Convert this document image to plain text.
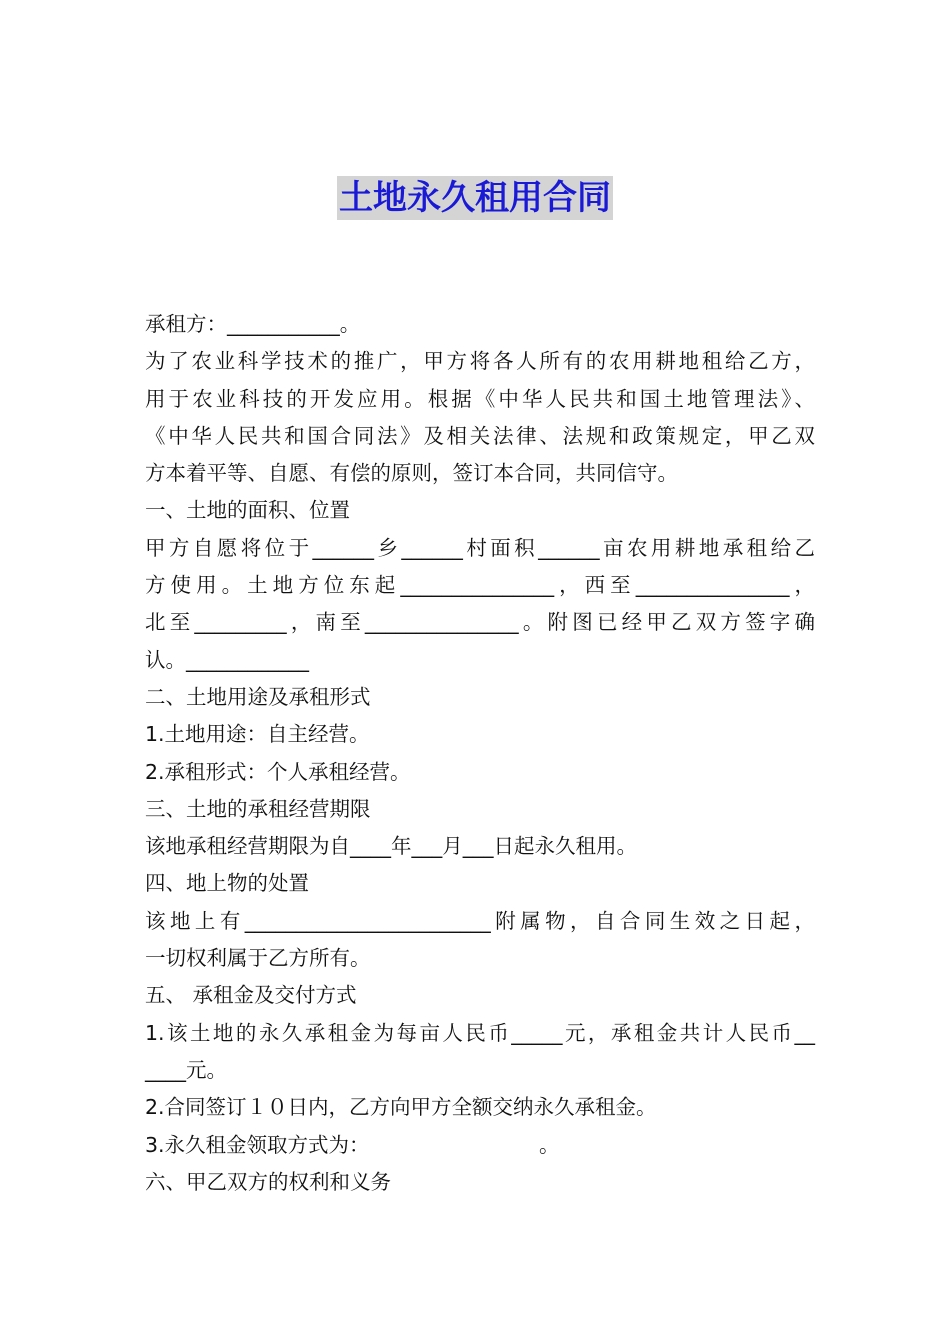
土地永久租用合同
承租方：___________。
为了农业科学技术的推广，甲方将各人所有的农用耕地租给乙方，
用于农业科技的开发应用。根据《中华人民共和国土地管理法》、
《中华人民共和国合同法》及相关法律、法规和政策规定，甲乙双
方本着平等、自愿、有偿的原则，签订本合同，共同信守。
一、土地的面积、位置
甲方自愿将位于______乡______村面积______亩农用耕地承租给乙
方使用。土地方位东起_______________，西至_______________，
北至_________，南至_______________。附图已经甲乙双方签字确
认。____________
二、土地用途及承租形式
1.土地用途：自主经营。
2.承租形式：个人承租经营。
三、土地的承租经营期限
该地承租经营期限为自____年___月___日起永久租用。
四、地上物的处置
该地上有________________________附属物，自合同生效之日起，
一切权利属于乙方所有。
五、 承租金及交付方式
1.该土地的永久承租金为每亩人民币_____元，承租金共计人民币__
____元。
2.合同签订１０日内，乙方向甲方全额交纳永久承租金。
3.永久租金领取方式为：                          。
六、甲乙双方的权利和义务
